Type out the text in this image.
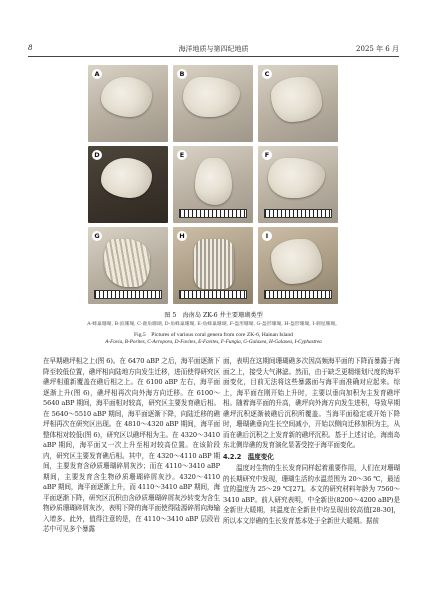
8	海洋地质与第四纪地质	2025 年 6 月
A	B	C
D	E	F
G	H	I
图 5　海南岛 ZK-6 井主要珊瑚类型
A-蜂巢珊瑚, B-滨珊瑚, C-鹿角珊瑚, D-角蜂巢珊瑚, E-角蜂巢珊瑚, F-盔形珊瑚, G-盔形珊瑚, H-盔形珊瑚, I-刺星珊瑚。
Fig.5　Pictures of various coral genera from core ZK-6, Hainan Island
A-Favia, B-Porites, C-Acropora, D-Favites, E-Favites, F-Fungia, G-Galaxea, H-Galaxea, I-Cyphastrea

在早期礁坪相之上(图 6)。在 6470 aBP 之后，海平面逐渐下降至较低位置，礁坪相向陆地方向发生迁移，进而使得研究区礁坪相重新覆盖在礁后相之上。在 6100 aBP 左右，海平面逐渐上升(图 6)，礁坪相再次向外海方向迁移。在 6100～5640 aBP 期间，海平面相对较高，研究区主要发育礁后相。在 5640～5510 aBP 期间，海平面逐渐下降，向陆迁移的礁坪相再次在研究区出现。在 4810～4320 aBP 期间，海平面整体相对较低(图 6)，研究区以礁坪相为主。在 4320～3410 aBP 期间，海平面又一次上升至相对较高位置。在该阶段内，研究区主要发育礁后相。其中，在 4320～4110 aBP 期间，主要发育含砂质珊瑚碎屑灰沙；而在 4110～3410 aBP 期间，主要发育含生物砂质珊瑚碎屑灰沙。4320～4110 aBP 期间，海平面逐渐上升，而 4110～3410 aBP 期间，海平面逐渐下降，研究区沉积由含砂质珊瑚碎屑灰沙转变为含生物砂质珊瑚碎屑灰沙，表明下降的海平面使得陆源碎屑向海输入增多。此外，值得注意的是，在 4110～3410 aBP 层段岩芯中可见多个暴露

面，表明在这期间珊瑚礁多次因高频海平面的下降而暴露于海面之上，接受大气淋滤。然而，由于缺乏更精细划尺度的海平面变化，目前无法将这些暴露面与海平面准确对应起来。综上，海平面在刚开始上升时，主要以垂向加积为主发育礁坪相。随着海平面的升高，礁坪向外海方向发生进积，导致早期礁坪沉积逐渐被礁后沉积所覆盖。当海平面稳定或开始下降时，珊瑚礁垂向生长空间减小，开始以侧向迁移加积为主，从而在礁后沉积之上发育新的礁坪沉积。基于上述讨论，海南岛东北侧岸礁的发育演化显著受控于海平面变化。

4.2.2　温度变化

温度对生物的生长发育同样起着重要作用，人们在对珊瑚的长期研究中发现，珊瑚生活的水温范围为 20～36 ℃，最适宜的温度为 25～29 ℃[27]。本文的研究材料年龄为 7560～3410 aBP。前人研究表明，中全新世(8200～4200 aBP)是全新世大暖期，其温度在全新世中均呈现出较高值[28-30]，所以本文岸礁的生长发育基本处于全新世大暖期。据前
